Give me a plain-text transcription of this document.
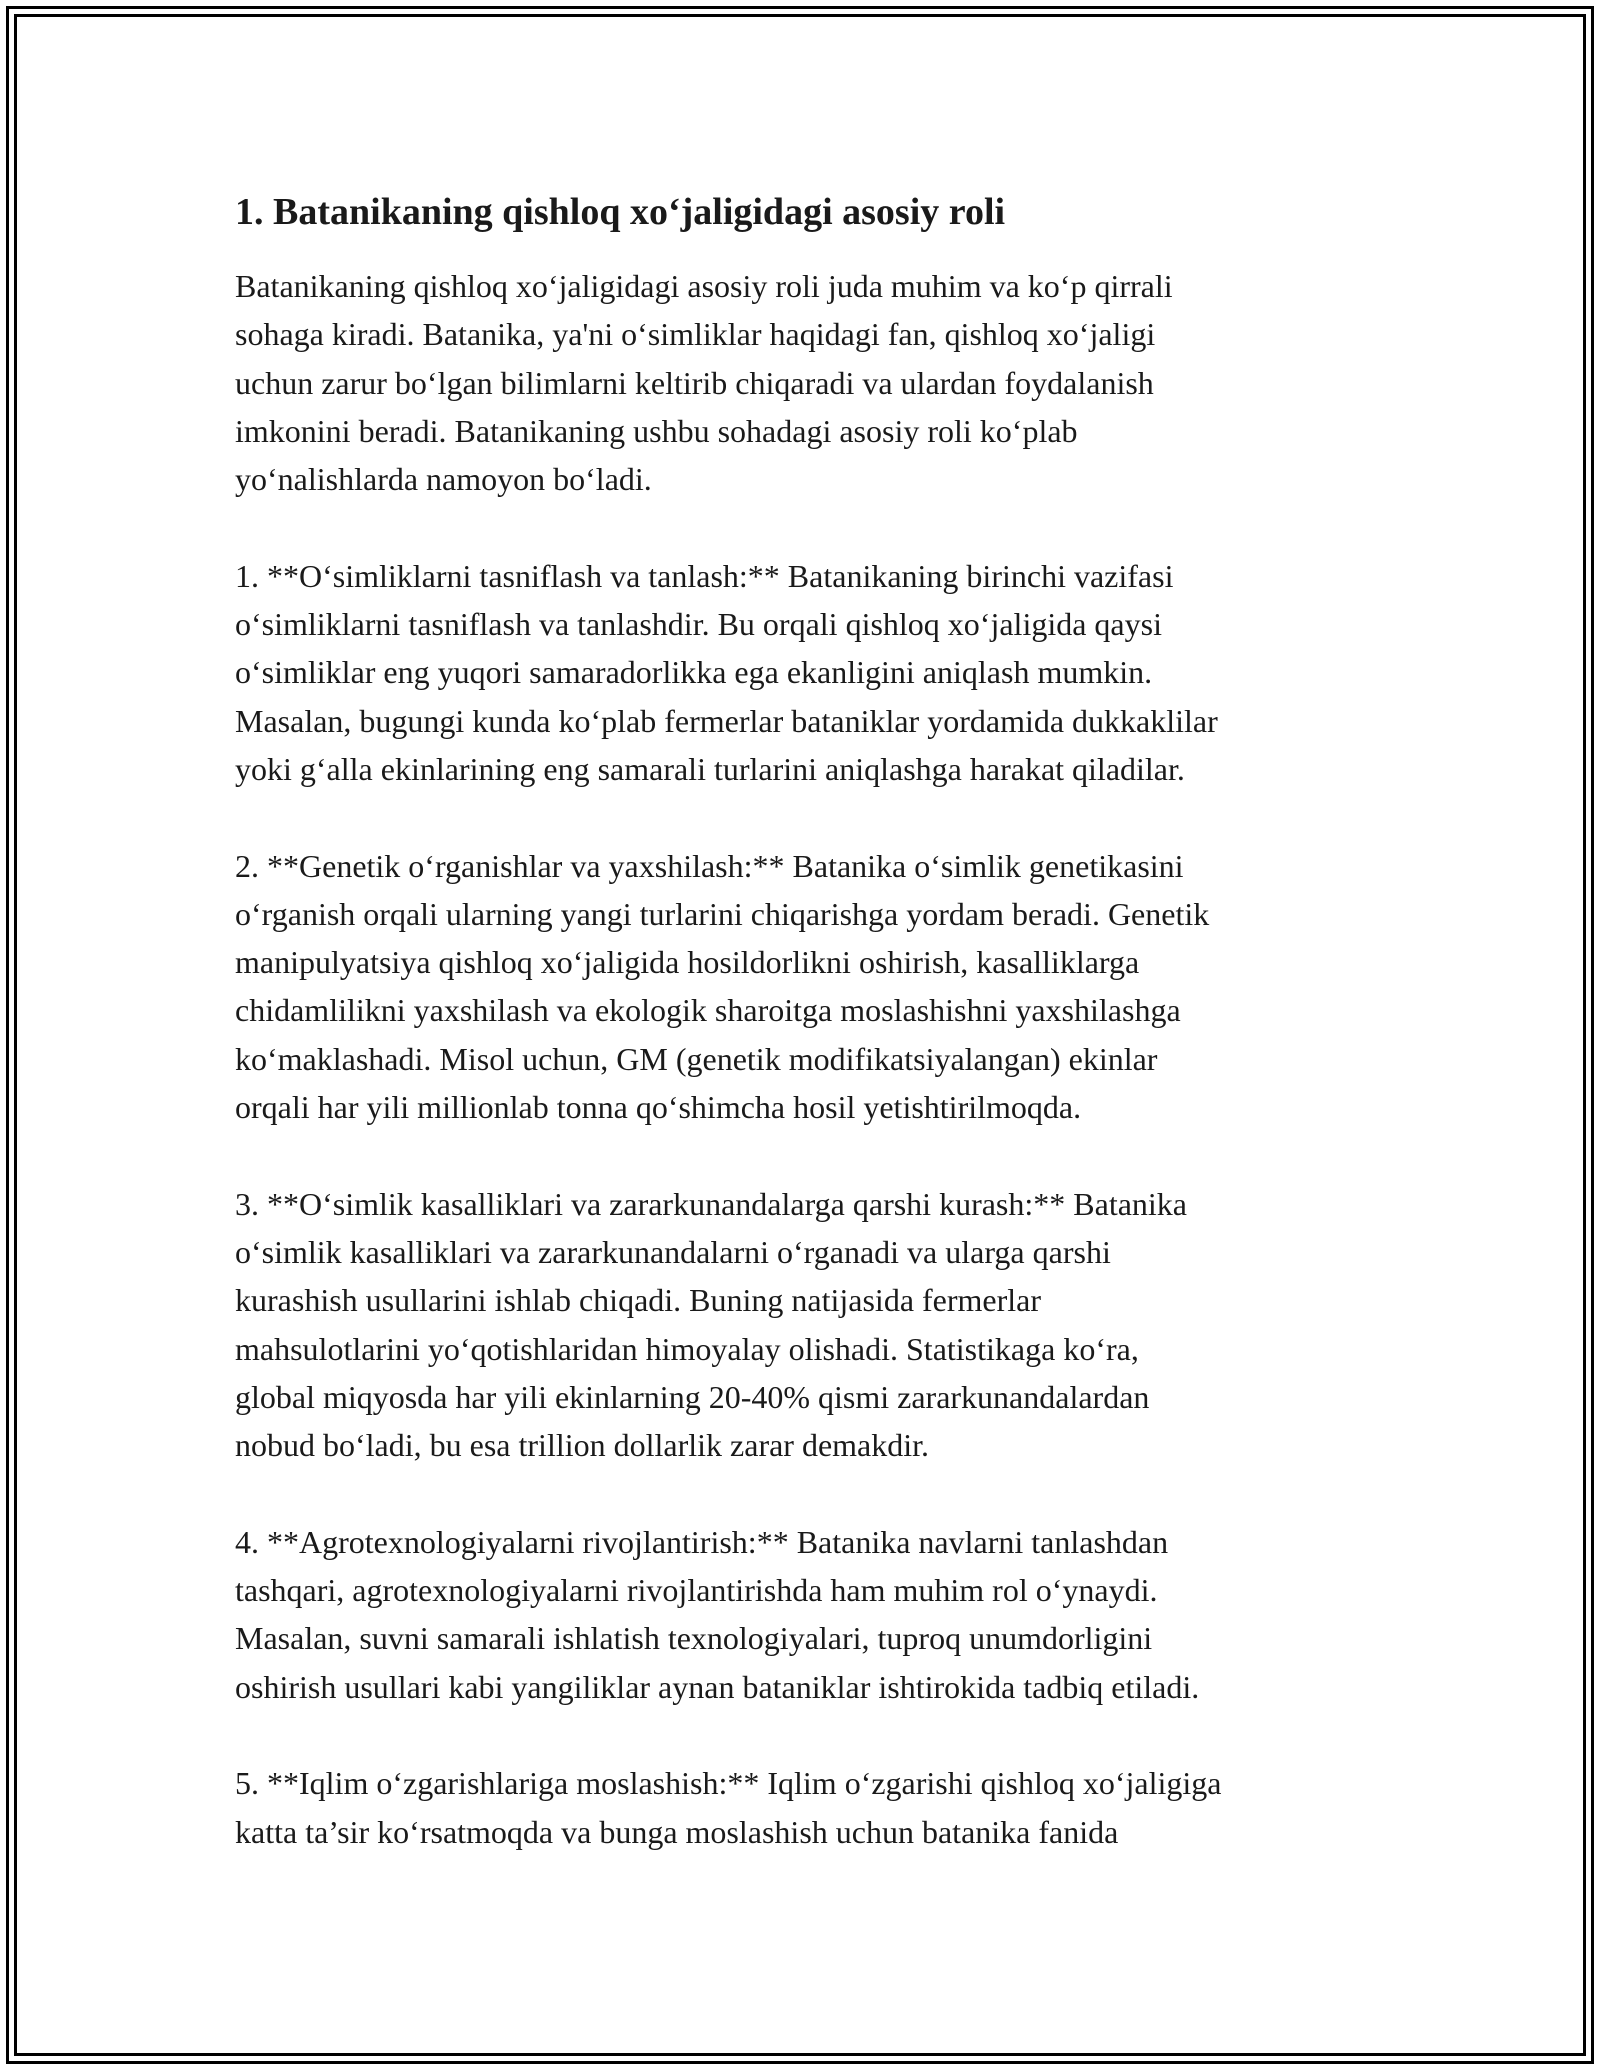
1. Batanikaning qishloq xo‘jaligidagi asosiy roli

Batanikaning qishloq xo‘jaligidagi asosiy roli juda muhim va ko‘p qirrali
sohaga kiradi. Batanika, ya'ni o‘simliklar haqidagi fan, qishloq xo‘jaligi
uchun zarur bo‘lgan bilimlarni keltirib chiqaradi va ulardan foydalanish
imkonini beradi. Batanikaning ushbu sohadagi asosiy roli ko‘plab
yo‘nalishlarda namoyon bo‘ladi.

1. **O‘simliklarni tasniflash va tanlash:** Batanikaning birinchi vazifasi
o‘simliklarni tasniflash va tanlashdir. Bu orqali qishloq xo‘jaligida qaysi
o‘simliklar eng yuqori samaradorlikka ega ekanligini aniqlash mumkin.
Masalan, bugungi kunda ko‘plab fermerlar bataniklar yordamida dukkaklilar
yoki g‘alla ekinlarining eng samarali turlarini aniqlashga harakat qiladilar.

2. **Genetik o‘rganishlar va yaxshilash:** Batanika o‘simlik genetikasini
o‘rganish orqali ularning yangi turlarini chiqarishga yordam beradi. Genetik
manipulyatsiya qishloq xo‘jaligida hosildorlikni oshirish, kasalliklarga
chidamlilikni yaxshilash va ekologik sharoitga moslashishni yaxshilashga
ko‘maklashadi. Misol uchun, GM (genetik modifikatsiyalangan) ekinlar
orqali har yili millionlab tonna qo‘shimcha hosil yetishtirilmoqda.

3. **O‘simlik kasalliklari va zararkunandalarga qarshi kurash:** Batanika
o‘simlik kasalliklari va zararkunandalarni o‘rganadi va ularga qarshi
kurashish usullarini ishlab chiqadi. Buning natijasida fermerlar
mahsulotlarini yo‘qotishlaridan himoyalay olishadi. Statistikaga ko‘ra,
global miqyosda har yili ekinlarning 20-40% qismi zararkunandalardan
nobud bo‘ladi, bu esa trillion dollarlik zarar demakdir.

4. **Agrotexnologiyalarni rivojlantirish:** Batanika navlarni tanlashdan
tashqari, agrotexnologiyalarni rivojlantirishda ham muhim rol o‘ynaydi.
Masalan, suvni samarali ishlatish texnologiyalari, tuproq unumdorligini
oshirish usullari kabi yangiliklar aynan bataniklar ishtirokida tadbiq etiladi.

5. **Iqlim o‘zgarishlariga moslashish:** Iqlim o‘zgarishi qishloq xo‘jaligiga
katta ta’sir ko‘rsatmoqda va bunga moslashish uchun batanika fanida
